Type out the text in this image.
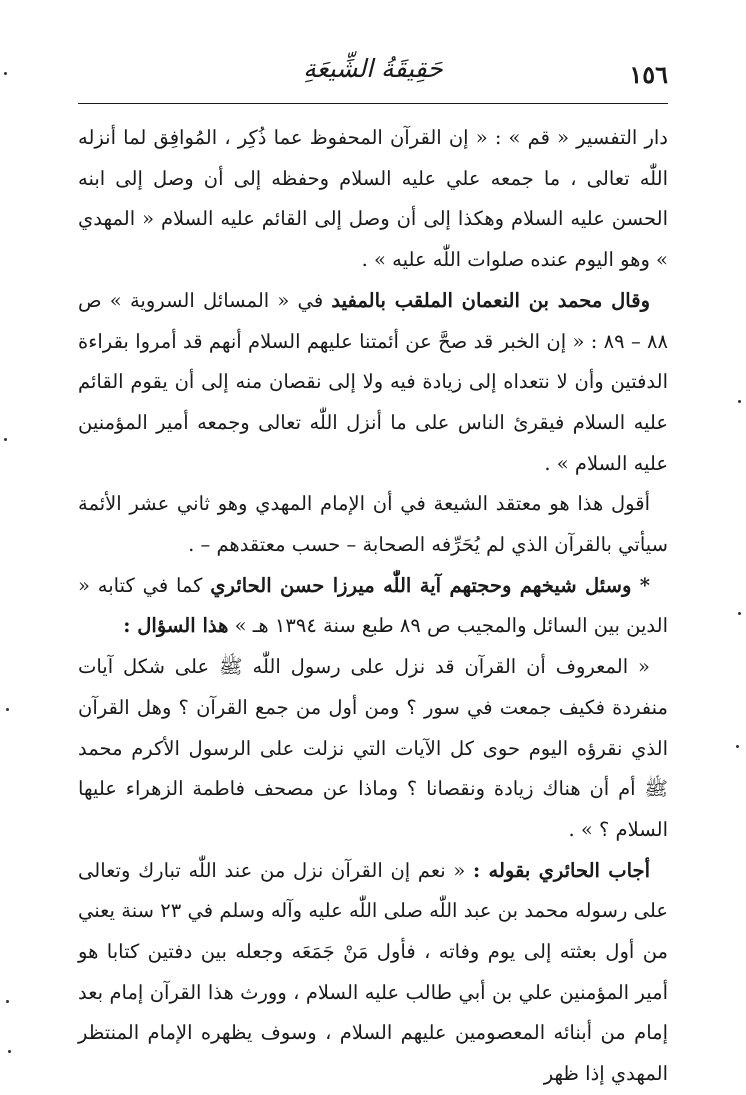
١٥٦
حَقِيقَةُ الشِّيعَةِ

دار التفسير « قم » : « إن القرآن المحفوظ عما ذُكِر ، المُوافِق لما أنزله اللّٰه تعالى ، ما جمعه علي عليه السلام وحفظه إلى أن وصل إلى ابنه الحسن عليه السلام وهكذا إلى أن وصل إلى القائم عليه السلام « المهدي » وهو اليوم عنده صلوات اللّٰه عليه » .

وقال محمد بن النعمان الملقب بالمفيد في « المسائل السروية » ص ٨٨ – ٨٩ : « إن الخبر قد صحَّ عن أئمتنا عليهم السلام أنهم قد أمروا بقراءة الدفتين وأن لا نتعداه إلى زيادة فيه ولا إلى نقصان منه إلى أن يقوم القائم عليه السلام فيقرئ الناس على ما أنزل اللّٰه تعالى وجمعه أمير المؤمنين عليه السلام » .

أقول هذا هو معتقد الشيعة في أن الإمام المهدي وهو ثاني عشر الأئمة سيأتي بالقرآن الذي لم يُحَرِّفه الصحابة – حسب معتقدهم – .

* وسئل شيخهم وحجتهم آية اللّٰه ميرزا حسن الحائري كما في كتابه « الدين بين السائل والمجيب ص ٨٩ طبع سنة ١٣٩٤ هـ » هذا السؤال :

« المعروف أن القرآن قد نزل على رسول اللّٰه ﷺ على شكل آيات منفردة فكيف جمعت في سور ؟ ومن أول من جمع القرآن ؟ وهل القرآن الذي نقرؤه اليوم حوى كل الآيات التي نزلت على الرسول الأكرم محمد ﷺ أم أن هناك زيادة ونقصانا ؟ وماذا عن مصحف فاطمة الزهراء عليها السلام ؟ » .

أجاب الحائري بقوله : « نعم إن القرآن نزل من عند اللّٰه تبارك وتعالى على رسوله محمد بن عبد اللّٰه صلى اللّٰه عليه وآله وسلم في ٢٣ سنة يعني من أول بعثته إلى يوم وفاته ، فأول مَنْ جَمَعَه وجعله بين دفتين كتابا هو أمير المؤمنين علي بن أبي طالب عليه السلام ، وورث هذا القرآن إمام بعد إمام من أبنائه المعصومين عليهم السلام ، وسوف يظهره الإمام المنتظر المهدي إذا ظهر
